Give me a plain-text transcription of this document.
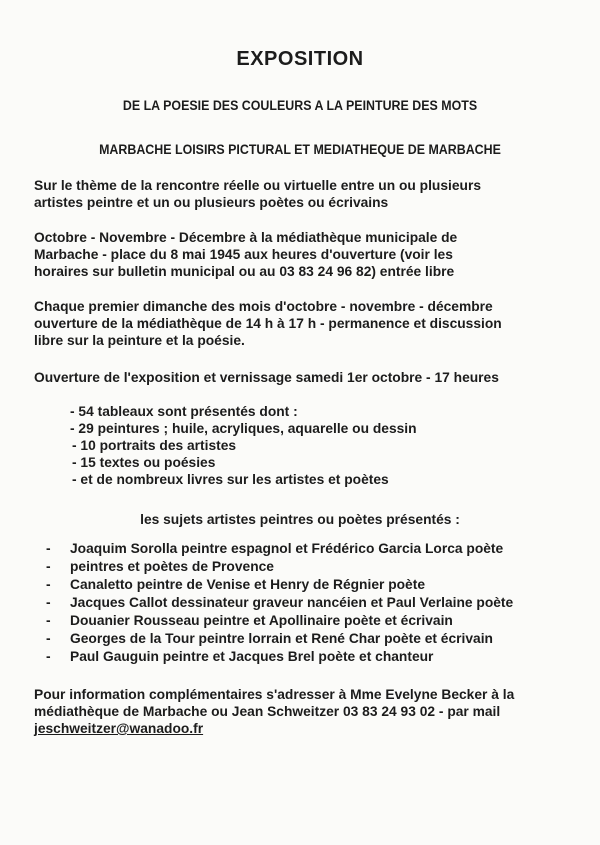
EXPOSITION
DE LA POESIE DES COULEURS A LA PEINTURE DES MOTS
MARBACHE LOISIRS PICTURAL ET MEDIATHEQUE DE MARBACHE
Sur le thème de la rencontre réelle ou virtuelle entre un ou plusieurs
artistes peintre et un ou plusieurs poètes ou écrivains
Octobre - Novembre - Décembre à la médiathèque municipale de
Marbache - place du 8 mai 1945 aux heures d'ouverture (voir les
horaires sur bulletin municipal ou au 03 83 24 96 82) entrée libre
Chaque premier dimanche des mois d'octobre - novembre - décembre
ouverture de la médiathèque de 14 h à 17 h - permanence et discussion
libre sur la peinture et la poésie.
Ouverture de l'exposition et vernissage samedi 1er octobre - 17 heures
- 54 tableaux sont présentés dont :
- 29 peintures ; huile, acryliques, aquarelle ou dessin
- 10 portraits des artistes
- 15 textes ou poésies
- et de nombreux livres sur les artistes et poètes
les sujets artistes peintres ou poètes présentés :
- Joaquim Sorolla peintre espagnol et Frédérico Garcia Lorca poète
- peintres et poètes de Provence
- Canaletto peintre de Venise et Henry de Régnier poète
- Jacques Callot dessinateur graveur nancéien et Paul Verlaine poète
- Douanier Rousseau peintre et Apollinaire poète et écrivain
- Georges de la Tour peintre lorrain et René Char poète et écrivain
- Paul Gauguin peintre et Jacques Brel poète et chanteur
Pour information complémentaires s'adresser à Mme Evelyne Becker à la
médiathèque de Marbache ou Jean Schweitzer 03 83 24 93 02 - par mail
jeschweitzer@wanadoo.fr
